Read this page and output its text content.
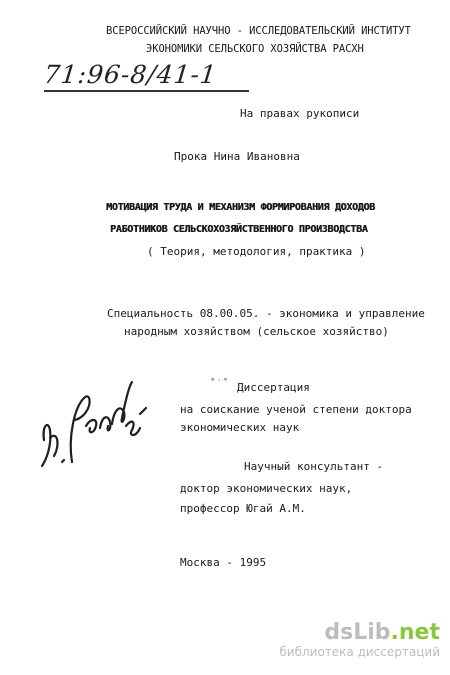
ВСЕРОССИЙСКИЙ НАУЧНО - ИССЛЕДОВАТЕЛЬСКИЙ ИНСТИТУТ
ЭКОНОМИКИ СЕЛЬСКОГО ХОЗЯЙСТВА РАСХН
71:96-8/41-1
На правах рукописи
Прока Нина Ивановна
МОТИВАЦИЯ ТРУДА И МЕХАНИЗМ ФОРМИРОВАНИЯ ДОХОДОВ
РАБОТНИКОВ СЕЛЬСКОХОЗЯЙСТВЕННОГО ПРОИЗВОДСТВА
( Теория, методология, практика )
Специальность 08.00.05. - экономика и управление
народным хозяйством (сельское хозяйство)
˚‵˚ Диссертация
на соискание ученой степени доктора
экономических наук
Научный консультант -
доктор экономических наук,
профессор Югай А.М.
Москва - 1995
dsLib.net
библиотека диссертаций
